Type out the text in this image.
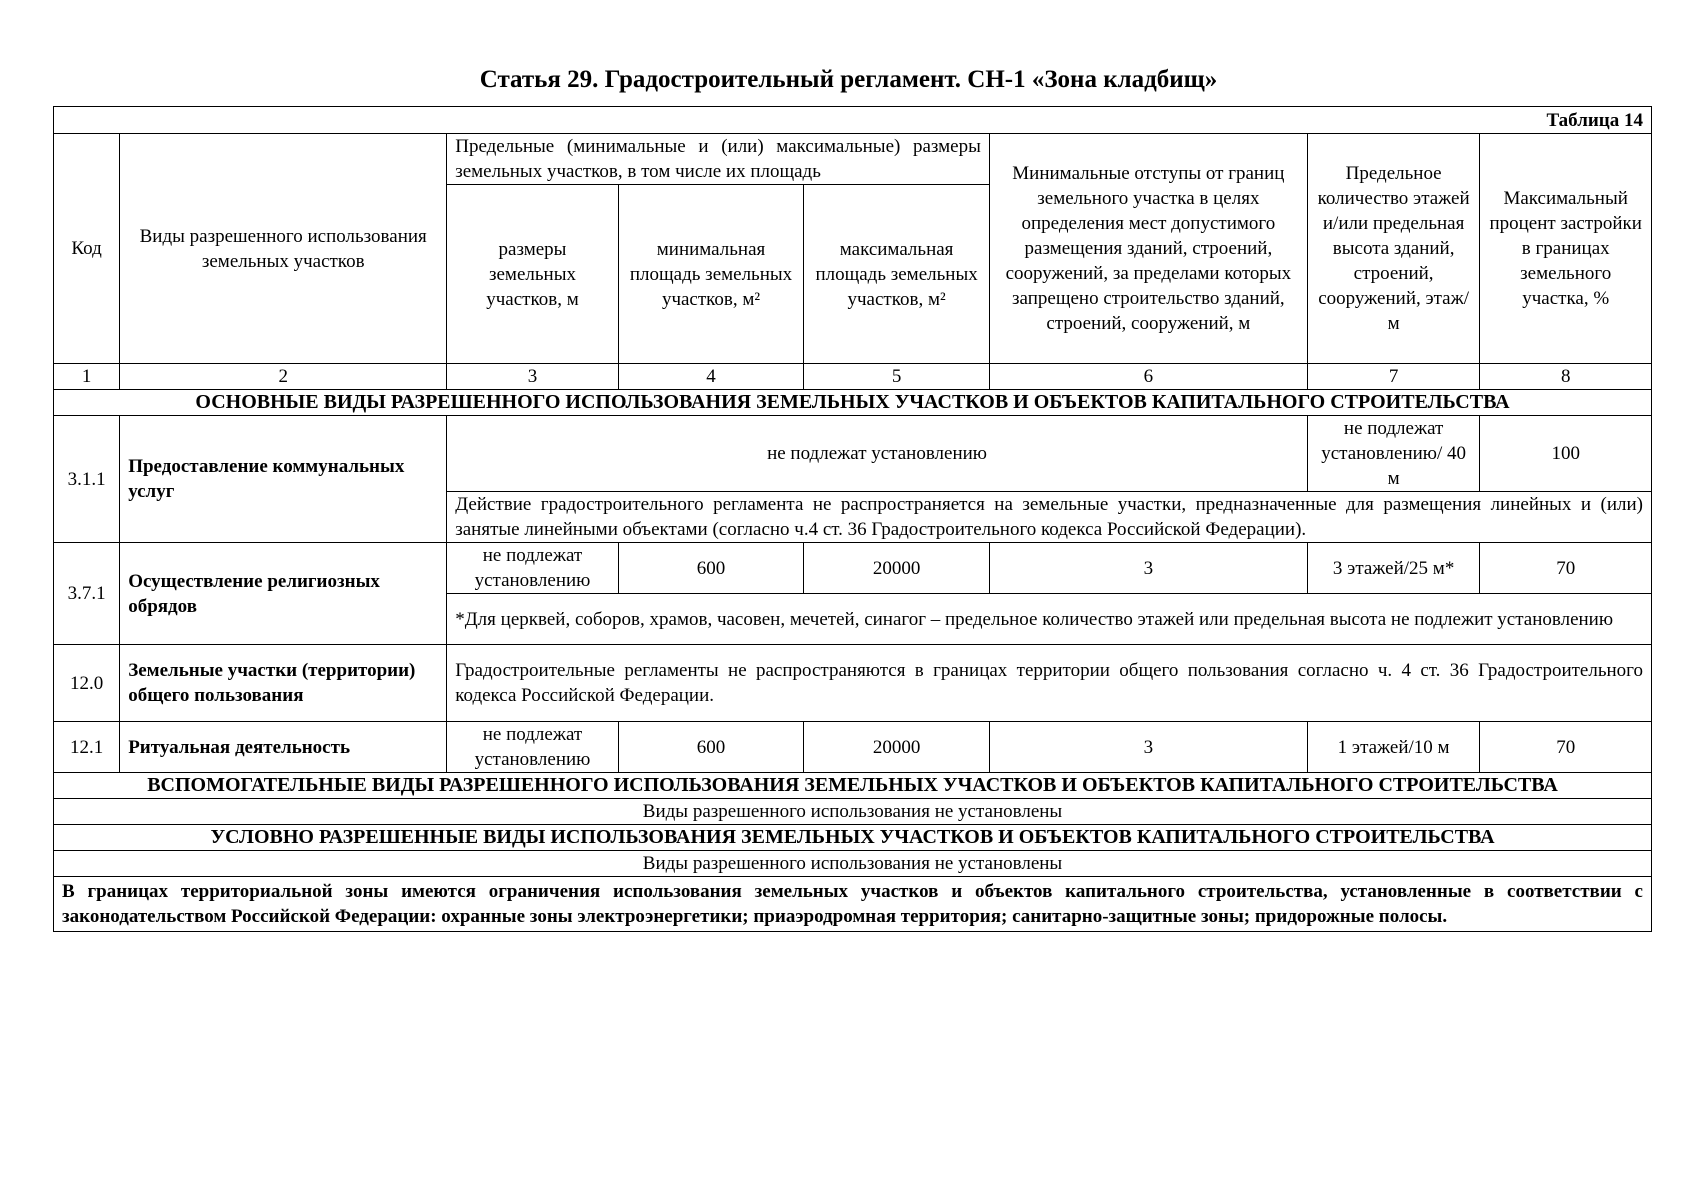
Статья 29. Градостроительный регламент. СН-1 «Зона кладбищ»
Таблица 14							
Код	Виды разрешенного использования земельных участков	Предельные (минимальные и (или) максимальные) размеры земельных участков, в том числе их площадь			Минимальные отступы от границ земельного участка в целях определения мест допустимого размещения зданий, строений, сооружений, за пределами которых запрещено строительство зданий, строений, сооружений, м	Предельное количество этажей и/или предельная высота зданий, строений, сооружений, этаж/м	Максимальный процент застройки в границах земельного участка, %
		размеры земельных участков, м	минимальная площадь земельных участков, м²	максимальная площадь земельных участков, м²			
1	2	3	4	5	6	7	8
ОСНОВНЫЕ ВИДЫ РАЗРЕШЕННОГО ИСПОЛЬЗОВАНИЯ ЗЕМЕЛЬНЫХ УЧАСТКОВ И ОБЪЕКТОВ КАПИТАЛЬНОГО СТРОИТЕЛЬСТВА							
3.1.1	Предоставление коммунальных услуг	не подлежат установлению				не подлежат установлению/ 40 м	100
		Действие градостроительного регламента не распространяется на земельные участки, предназначенные для размещения линейных и (или) занятые линейными объектами (согласно ч.4 ст. 36 Градостроительного кодекса Российской Федерации).					
3.7.1	Осуществление религиозных обрядов	не подлежат установлению	600	20000	3	3 этажей/25 м*	70
		*Для церквей, соборов, храмов, часовен, мечетей, синагог – предельное количество этажей или предельная высота не подлежит установлению					
12.0	Земельные участки (территории) общего пользования	Градостроительные регламенты не распространяются в границах территории общего пользования согласно ч. 4 ст. 36 Градостроительного кодекса Российской Федерации.					
12.1	Ритуальная деятельность	не подлежат установлению	600	20000	3	1 этажей/10 м	70
ВСПОМОГАТЕЛЬНЫЕ ВИДЫ РАЗРЕШЕННОГО ИСПОЛЬЗОВАНИЯ ЗЕМЕЛЬНЫХ УЧАСТКОВ И ОБЪЕКТОВ КАПИТАЛЬНОГО СТРОИТЕЛЬСТВА							
Виды разрешенного использования не установлены							
УСЛОВНО РАЗРЕШЕННЫЕ ВИДЫ ИСПОЛЬЗОВАНИЯ ЗЕМЕЛЬНЫХ УЧАСТКОВ И ОБЪЕКТОВ КАПИТАЛЬНОГО СТРОИТЕЛЬСТВА							
Виды разрешенного использования не установлены							
В границах территориальной зоны имеются ограничения использования земельных участков и объектов капитального строительства, установленные в соответствии с законодательством Российской Федерации: охранные зоны электроэнергетики; приаэродромная территория; санитарно-защитные зоны; придорожные полосы.							
